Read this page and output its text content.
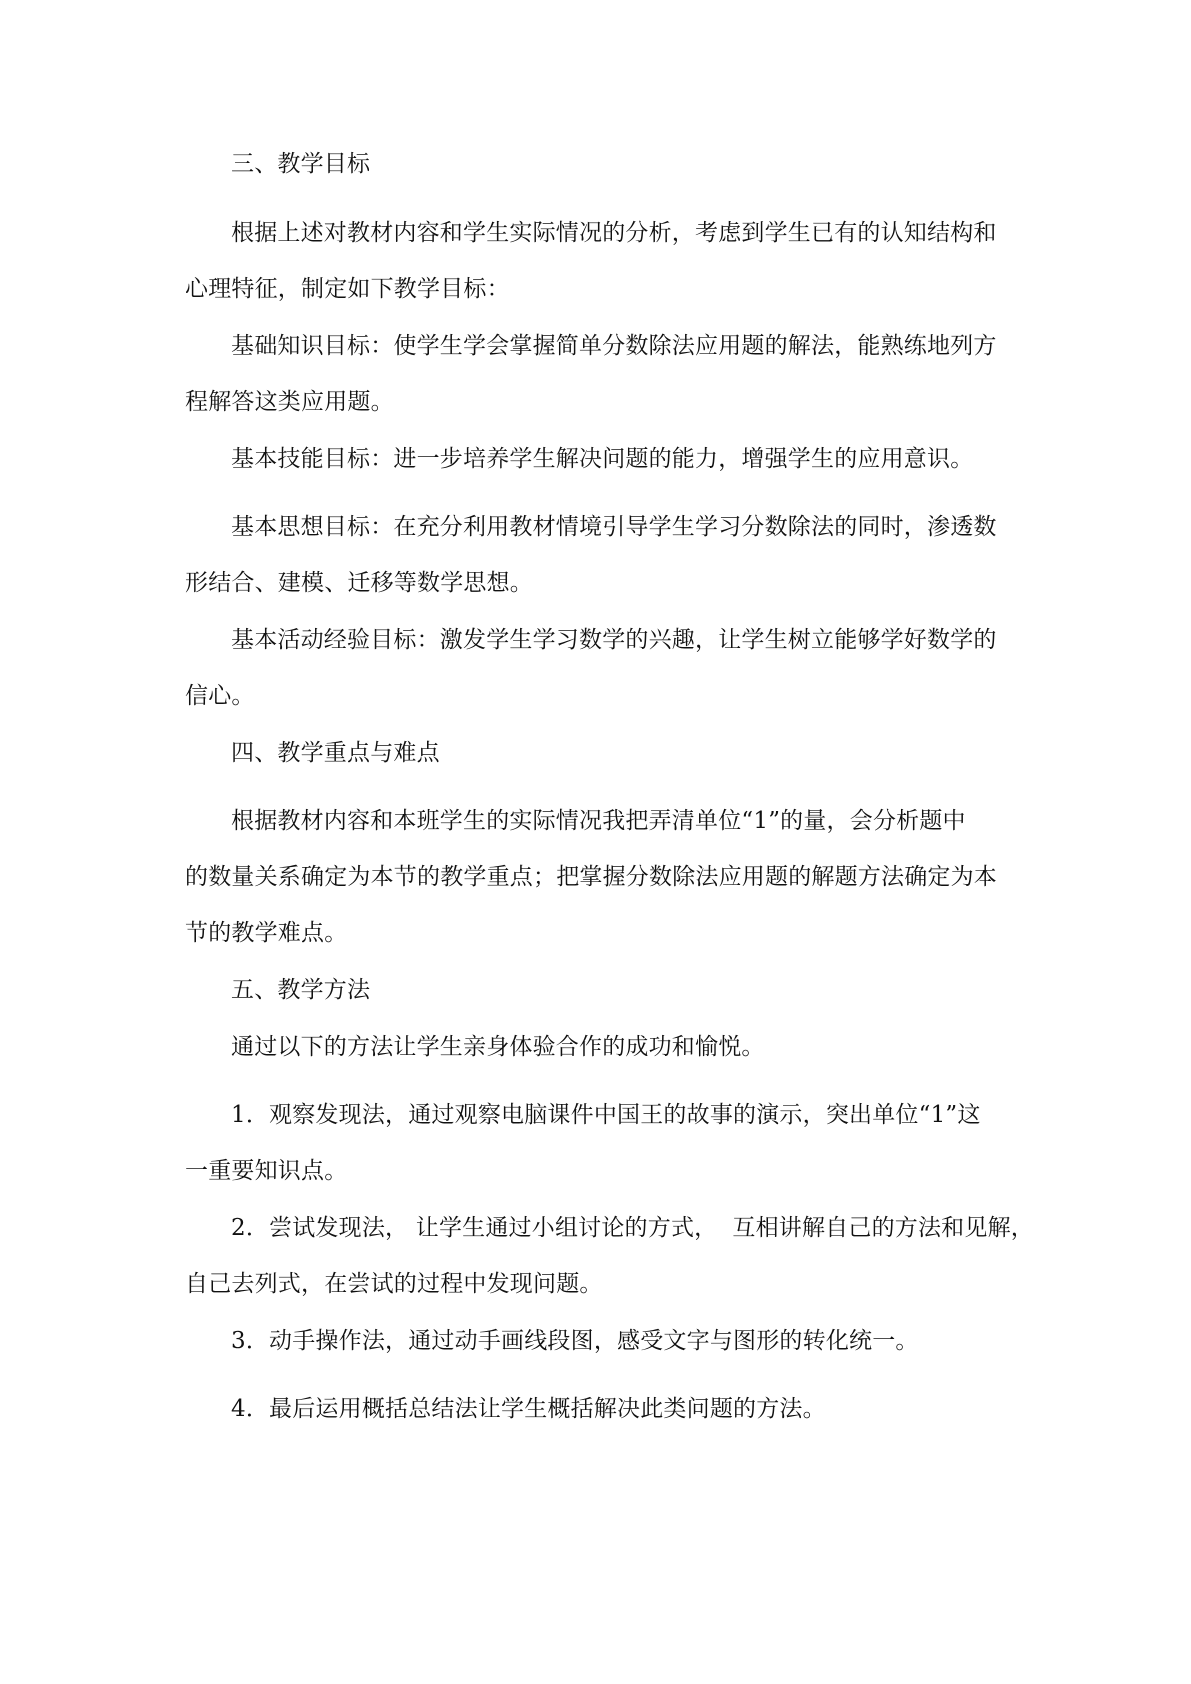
三、教学目标
根据上述对教材内容和学生实际情况的分析，考虑到学生已有的认知结构和
心理特征，制定如下教学目标：
基础知识目标：使学生学会掌握简单分数除法应用题的解法，能熟练地列方
程解答这类应用题。
基本技能目标：进一步培养学生解决问题的能力，增强学生的应用意识。
基本思想目标：在充分利用教材情境引导学生学习分数除法的同时，渗透数
形结合、建模、迁移等数学思想。
基本活动经验目标：激发学生学习数学的兴趣，让学生树立能够学好数学的
信心。
四、教学重点与难点
根据教材内容和本班学生的实际情况我把弄清单位“1”的量，会分析题中
的数量关系确定为本节的教学重点；把掌握分数除法应用题的解题方法确定为本
节的教学难点。
五、教学方法
通过以下的方法让学生亲身体验合作的成功和愉悦。
1．观察发现法，通过观察电脑课件中国王的故事的演示，突出单位“1”这
一重要知识点。
2．尝试发现法， 让学生通过小组讨论的方式，  互相讲解自己的方法和见解，
自己去列式，在尝试的过程中发现问题。
3．动手操作法，通过动手画线段图，感受文字与图形的转化统一。
4．最后运用概括总结法让学生概括解决此类问题的方法。
